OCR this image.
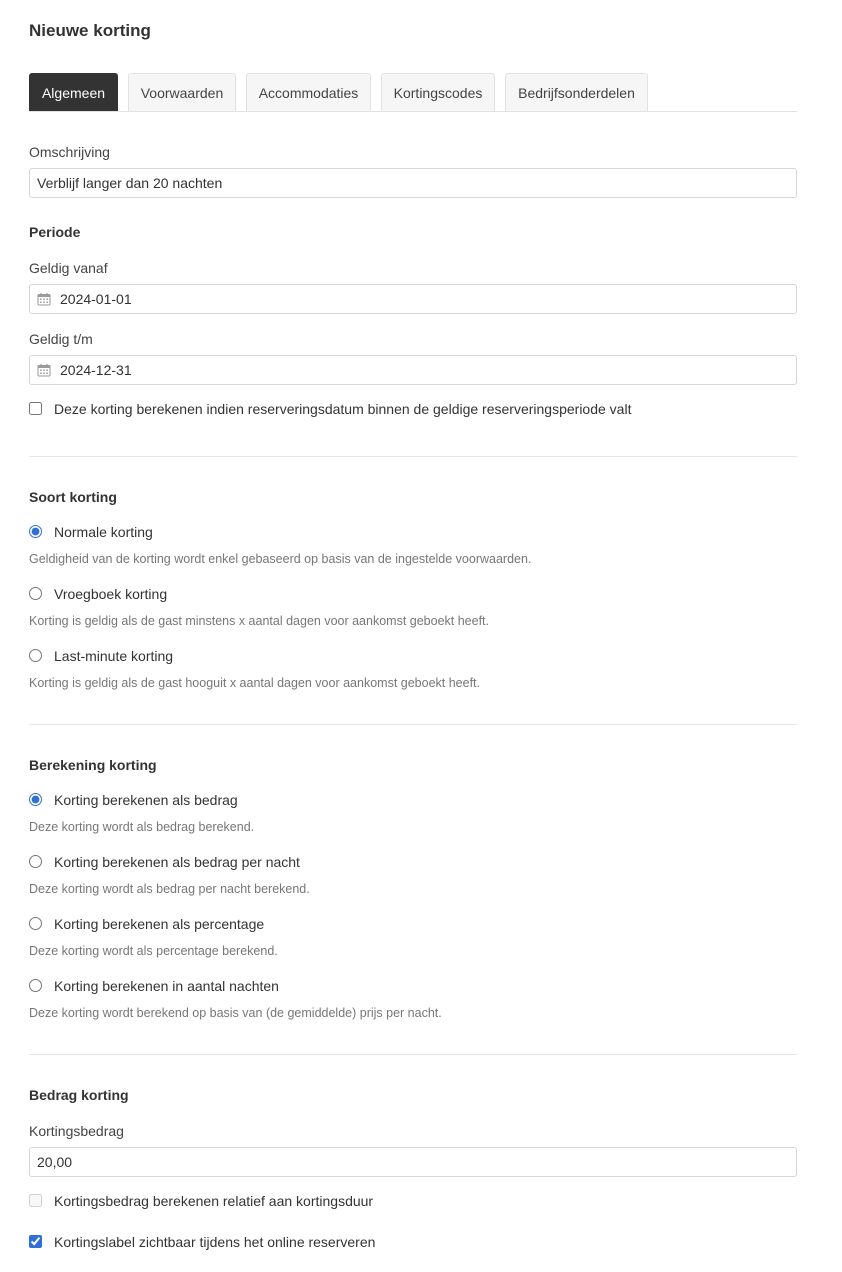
Nieuwe korting
Algemeen	Voorwaarden	Accommodaties	Kortingscodes	Bedrijfsonderdelen
Omschrijving
Verblijf langer dan 20 nachten
Periode
Geldig vanaf
2024-01-01
Geldig t/m
2024-12-31
Deze korting berekenen indien reserveringsdatum binnen de geldige reserveringsperiode valt
Soort korting
Normale korting
Geldigheid van de korting wordt enkel gebaseerd op basis van de ingestelde voorwaarden.
Vroegboek korting
Korting is geldig als de gast minstens x aantal dagen voor aankomst geboekt heeft.
Last-minute korting
Korting is geldig als de gast hooguit x aantal dagen voor aankomst geboekt heeft.
Berekening korting
Korting berekenen als bedrag
Deze korting wordt als bedrag berekend.
Korting berekenen als bedrag per nacht
Deze korting wordt als bedrag per nacht berekend.
Korting berekenen als percentage
Deze korting wordt als percentage berekend.
Korting berekenen in aantal nachten
Deze korting wordt berekend op basis van (de gemiddelde) prijs per nacht.
Bedrag korting
Kortingsbedrag
20,00
Kortingsbedrag berekenen relatief aan kortingsduur
Kortingslabel zichtbaar tijdens het online reserveren
